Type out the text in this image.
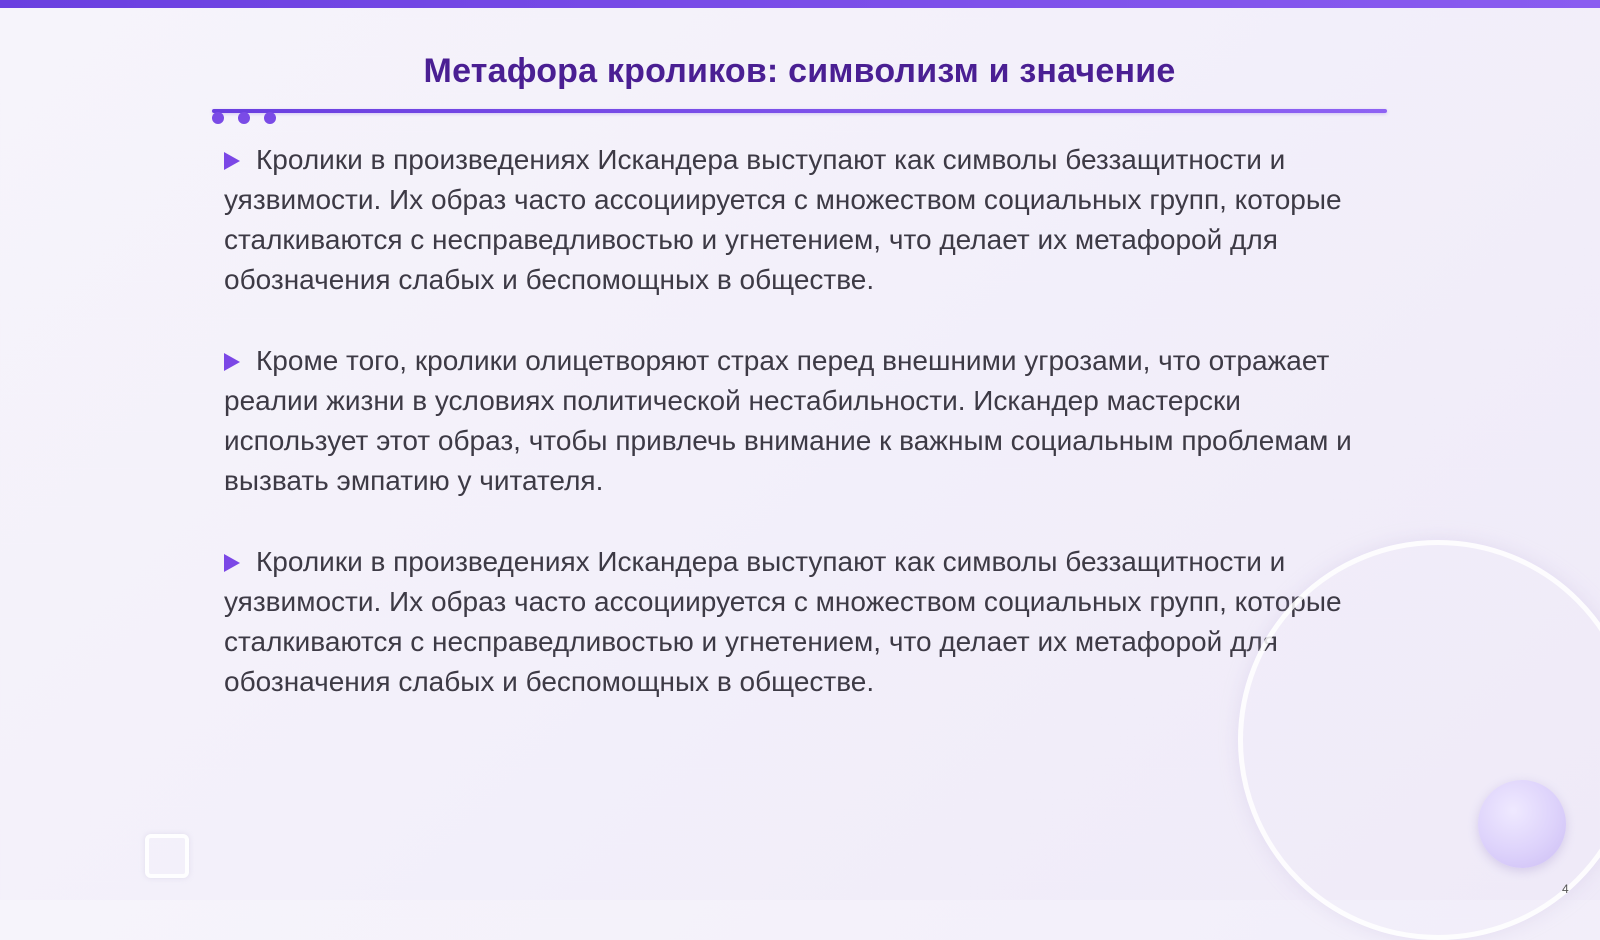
Метафора кроликов: символизм и значение

Кролики в произведениях Искандера выступают как символы беззащитности и уязвимости. Их образ часто ассоциируется с множеством социальных групп, которые сталкиваются с несправедливостью и угнетением, что делает их метафорой для обозначения слабых и беспомощных в обществе.

Кроме того, кролики олицетворяют страх перед внешними угрозами, что отражает реалии жизни в условиях политической нестабильности. Искандер мастерски использует этот образ, чтобы привлечь внимание к важным социальным проблемам и вызвать эмпатию у читателя.

Кролики в произведениях Искандера выступают как символы беззащитности и уязвимости. Их образ часто ассоциируется с множеством социальных групп, которые сталкиваются с несправедливостью и угнетением, что делает их метафорой для обозначения слабых и беспомощных в обществе.

4
